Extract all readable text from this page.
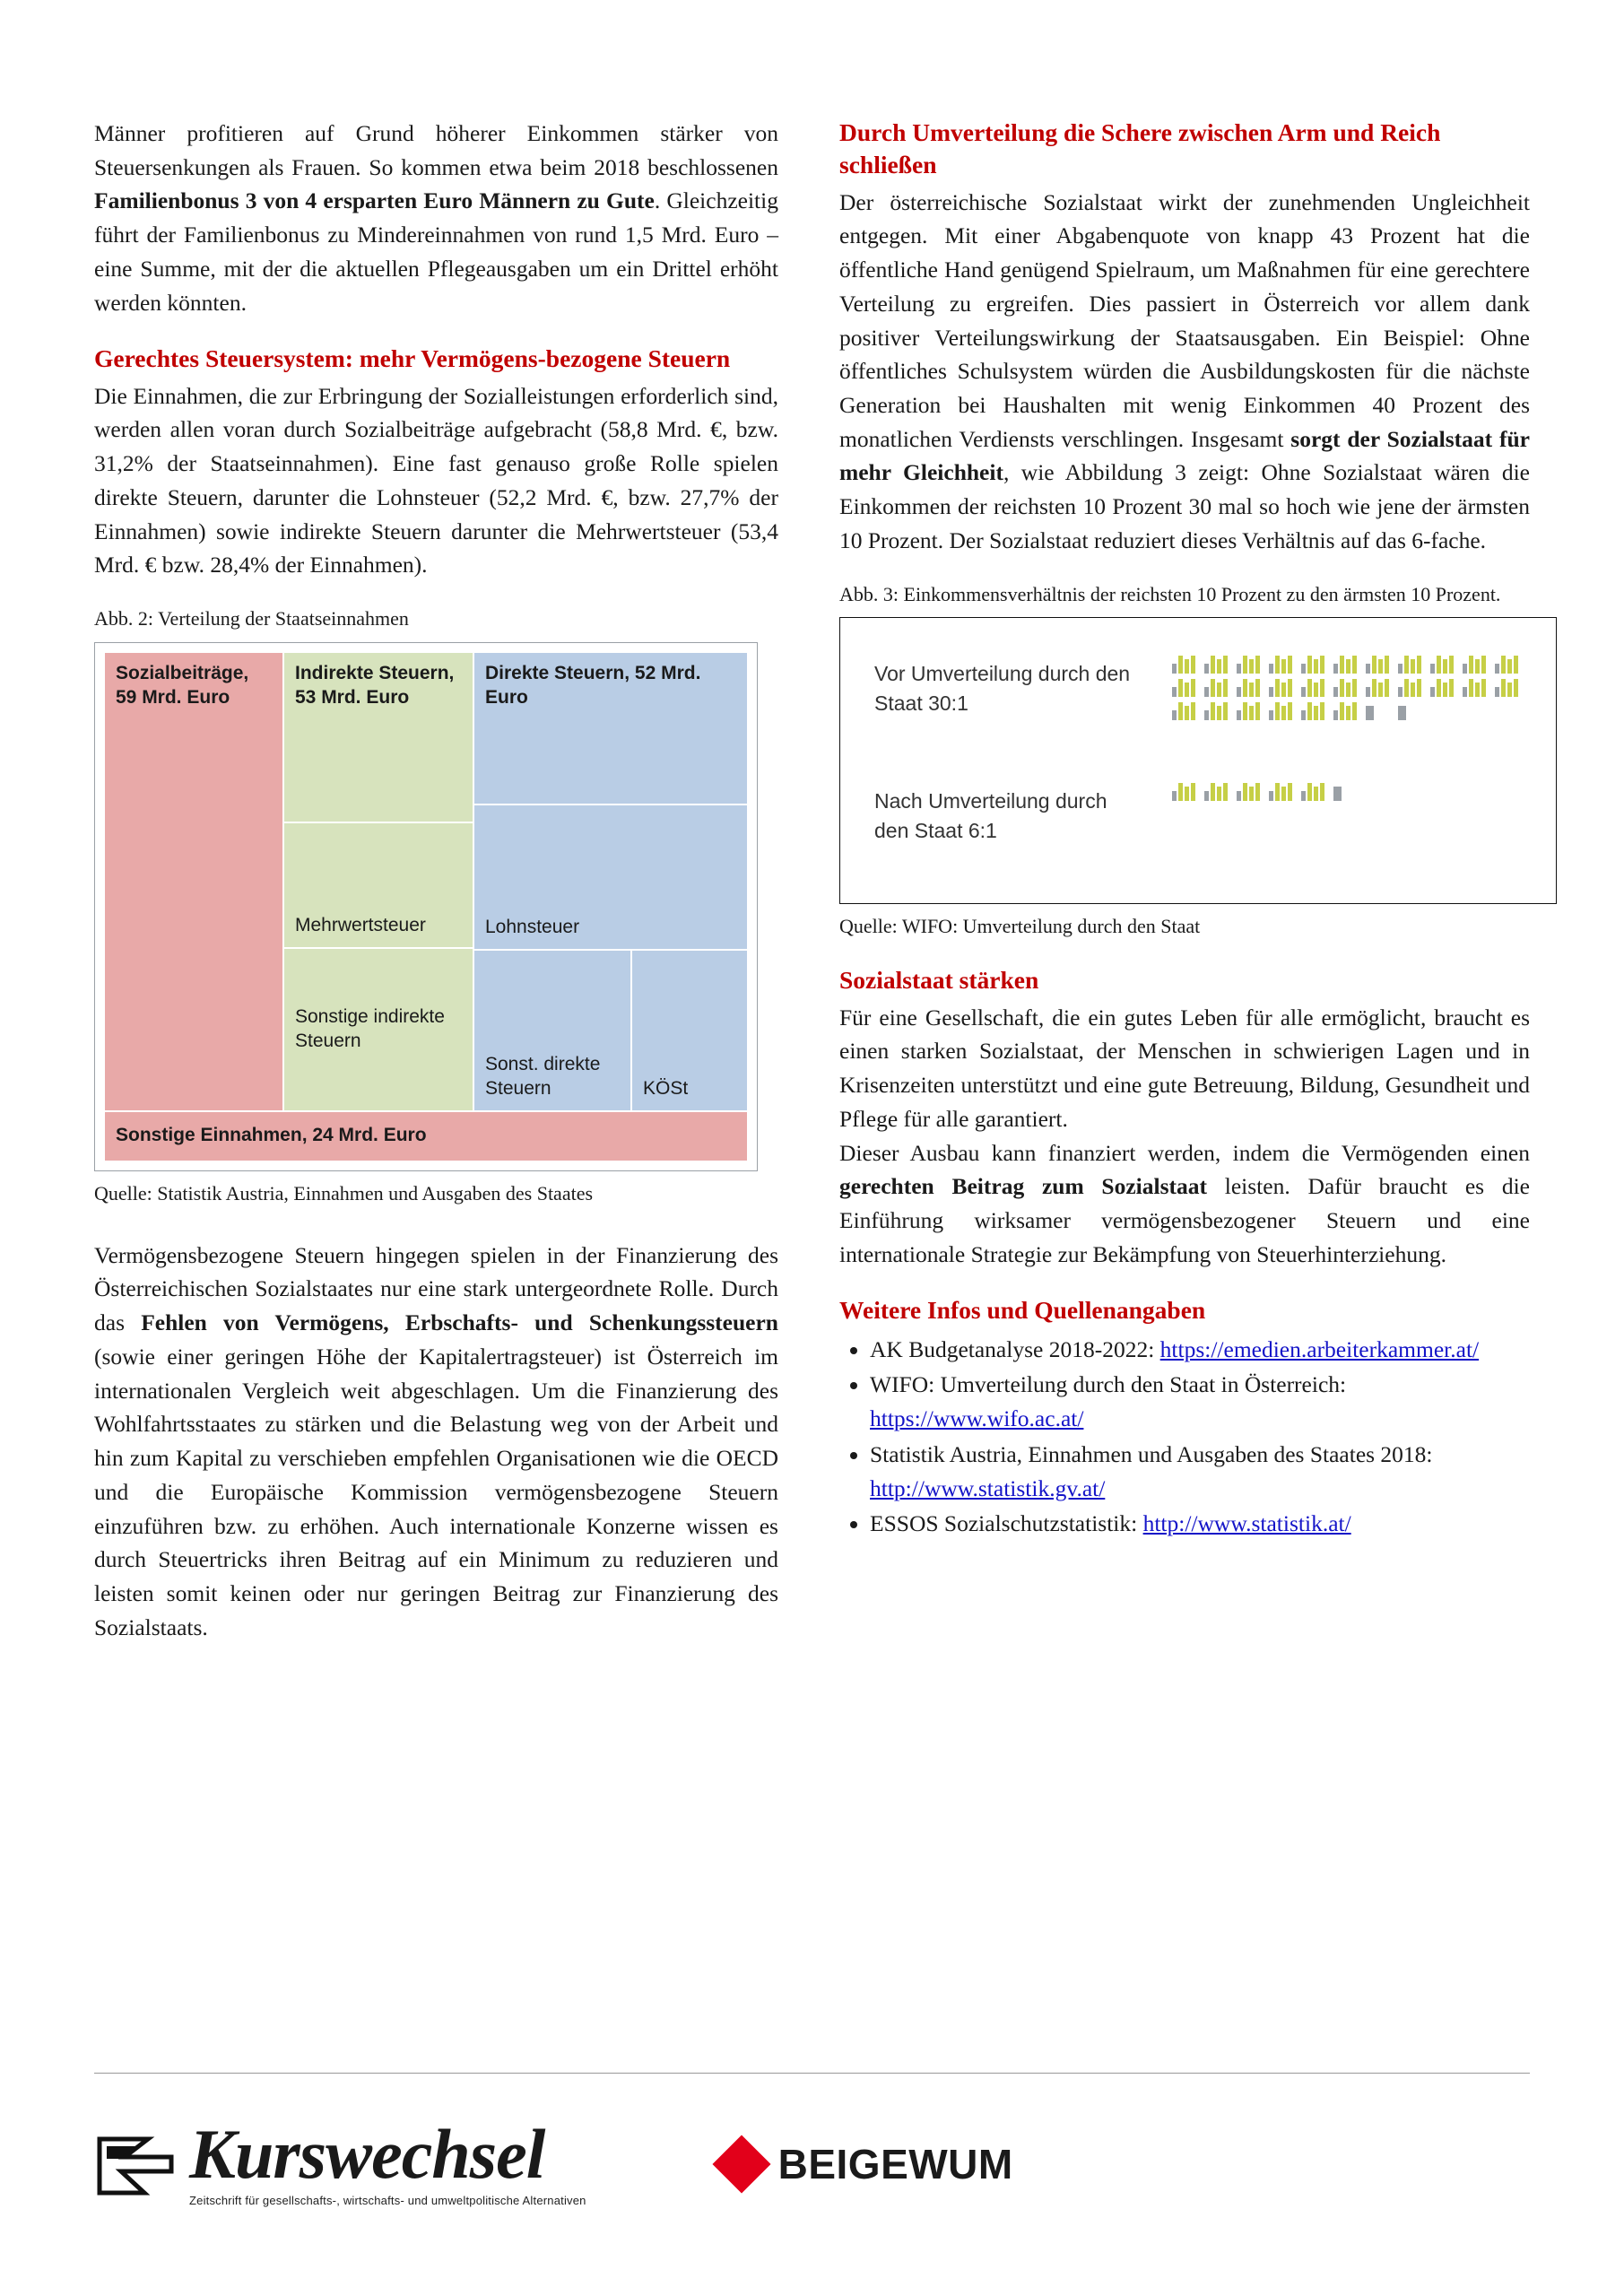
Männer profitieren auf Grund höherer Einkommen stärker von Steuersenkungen als Frauen. So kommen etwa beim 2018 beschlossenen Familienbonus 3 von 4 ersparten Euro Männern zu Gute. Gleichzeitig führt der Familienbonus zu Mindereinnahmen von rund 1,5 Mrd. Euro – eine Summe, mit der die aktuellen Pflegeausgaben um ein Drittel erhöht werden könnten.
Gerechtes Steuersystem: mehr Vermögens-bezogene Steuern
Die Einnahmen, die zur Erbringung der Sozialleistungen erforderlich sind, werden allen voran durch Sozialbeiträge aufgebracht (58,8 Mrd. €, bzw. 31,2% der Staatseinnahmen). Eine fast genauso große Rolle spielen direkte Steuern, darunter die Lohnsteuer (52,2 Mrd. €, bzw. 27,7% der Einnahmen) sowie indirekte Steuern darunter die Mehrwertsteuer (53,4 Mrd. € bzw. 28,4% der Einnahmen).
Abb. 2: Verteilung der Staatseinnahmen
Sozialbeiträge, 59 Mrd. Euro
Indirekte Steuern, 53 Mrd. Euro
Mehrwertsteuer
Sonstige indirekte Steuern
Direkte Steuern, 52 Mrd. Euro
Lohnsteuer
Sonst. direkte Steuern	KÖSt
Sonstige Einnahmen, 24 Mrd. Euro
Quelle: Statistik Austria, Einnahmen und Ausgaben des Staates
Vermögensbezogene Steuern hingegen spielen in der Finanzierung des Österreichischen Sozialstaates nur eine stark untergeordnete Rolle. Durch das Fehlen von Vermögens, Erbschafts- und Schenkungssteuern (sowie einer geringen Höhe der Kapitalertragsteuer) ist Österreich im internationalen Vergleich weit abgeschlagen. Um die Finanzierung des Wohlfahrtsstaates zu stärken und die Belastung weg von der Arbeit und hin zum Kapital zu verschieben empfehlen Organisationen wie die OECD und die Europäische Kommission vermögensbezogene Steuern einzuführen bzw. zu erhöhen. Auch internationale Konzerne wissen es durch Steuertricks ihren Beitrag auf ein Minimum zu reduzieren und leisten somit keinen oder nur geringen Beitrag zur Finanzierung des Sozialstaats.
Durch Umverteilung die Schere zwischen Arm und Reich schließen
Der österreichische Sozialstaat wirkt der zunehmenden Ungleichheit entgegen. Mit einer Abgabenquote von knapp 43 Prozent hat die öffentliche Hand genügend Spielraum, um Maßnahmen für eine gerechtere Verteilung zu ergreifen. Dies passiert in Österreich vor allem dank positiver Verteilungswirkung der Staatsausgaben. Ein Beispiel: Ohne öffentliches Schulsystem würden die Ausbildungskosten für die nächste Generation bei Haushalten mit wenig Einkommen 40 Prozent des monatlichen Verdiensts verschlingen. Insgesamt sorgt der Sozialstaat für mehr Gleichheit, wie Abbildung 3 zeigt: Ohne Sozialstaat wären die Einkommen der reichsten 10 Prozent 30 mal so hoch wie jene der ärmsten 10 Prozent. Der Sozialstaat reduziert dieses Verhältnis auf das 6-fache.
Abb. 3: Einkommensverhältnis der reichsten 10 Prozent zu den ärmsten 10 Prozent.
Vor Umverteilung durch den Staat 30:1
Nach Umverteilung durch den Staat 6:1
Quelle: WIFO: Umverteilung durch den Staat
Sozialstaat stärken
Für eine Gesellschaft, die ein gutes Leben für alle ermöglicht, braucht es einen starken Sozialstaat, der Menschen in schwierigen Lagen und in Krisenzeiten unterstützt und eine gute Betreuung, Bildung, Gesundheit und Pflege für alle garantiert.
Dieser Ausbau kann finanziert werden, indem die Vermögenden einen gerechten Beitrag zum Sozialstaat leisten. Dafür braucht es die Einführung wirksamer vermögensbezogener Steuern und eine internationale Strategie zur Bekämpfung von Steuerhinterziehung.
Weitere Infos und Quellenangaben
• AK Budgetanalyse 2018-2022: https://emedien.arbeiterkammer.at/
• WIFO: Umverteilung durch den Staat in Österreich: https://www.wifo.ac.at/
• Statistik Austria, Einnahmen und Ausgaben des Staates 2018: http://www.statistik.gv.at/
• ESSOS Sozialschutzstatistik: http://www.statistik.at/
Kurswechsel
Zeitschrift für gesellschafts-, wirtschafts- und umweltpolitische Alternativen
BEIGEWUM
